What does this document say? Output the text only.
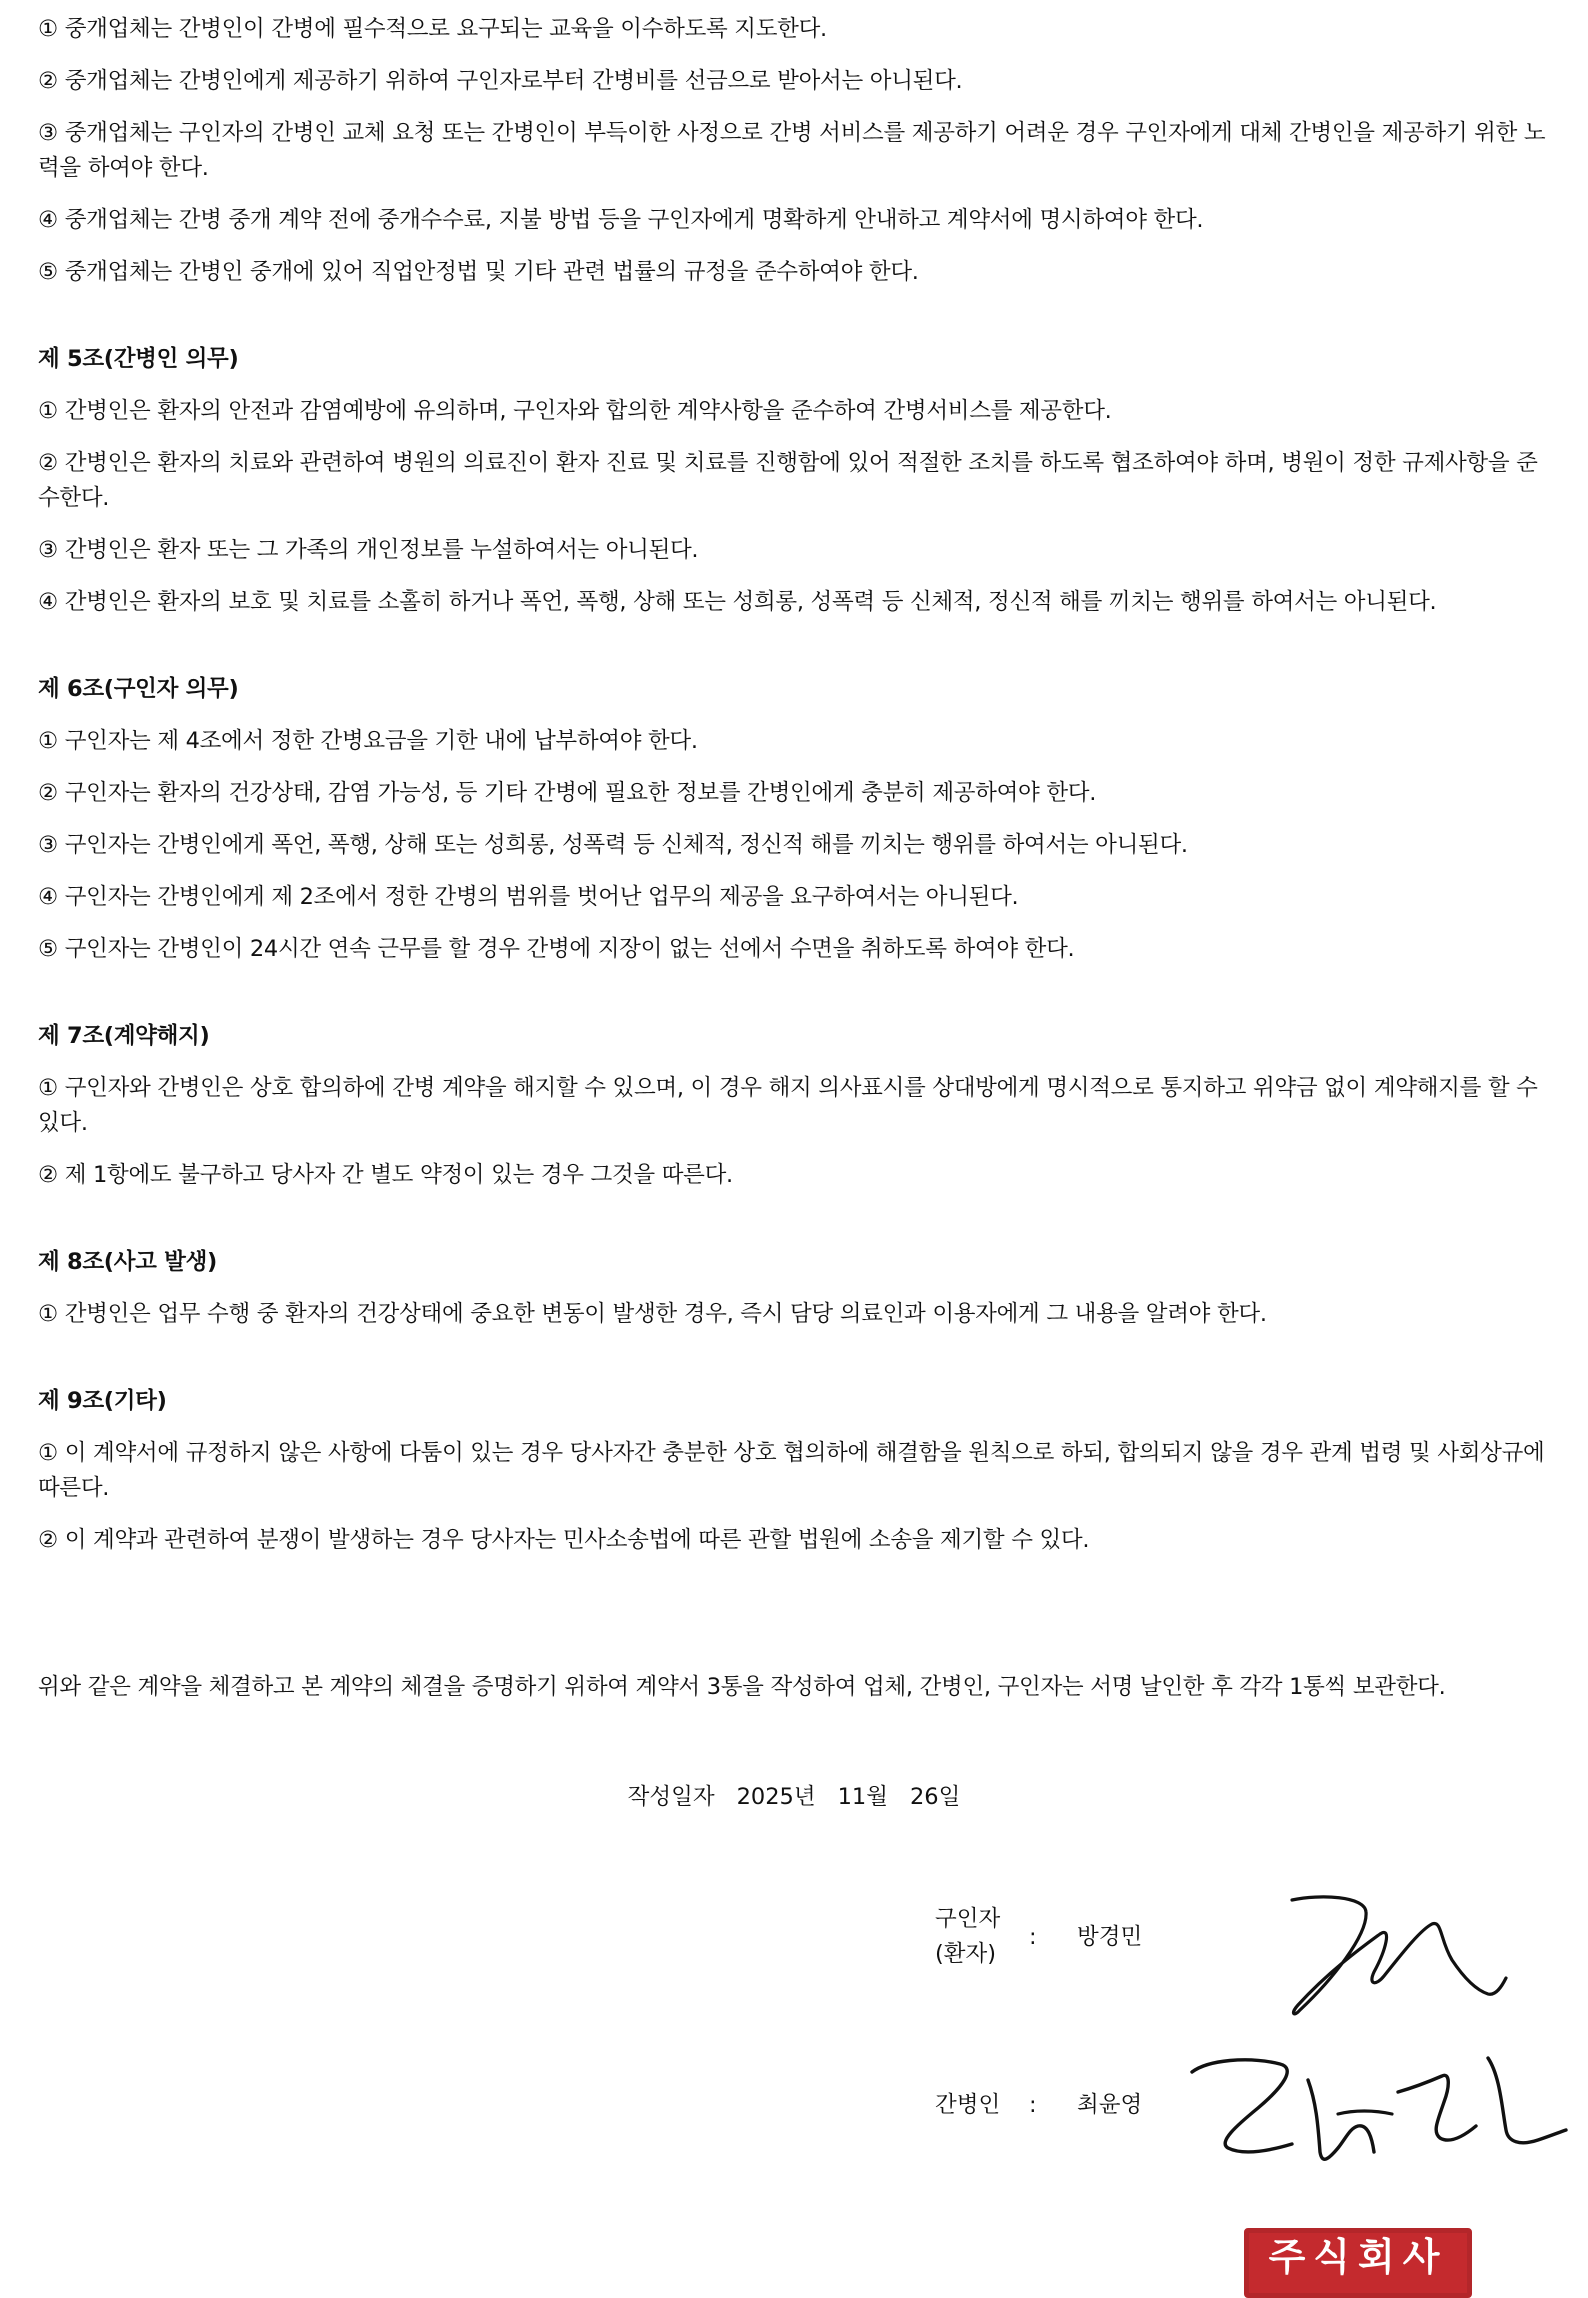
① 중개업체는 간병인이 간병에 필수적으로 요구되는 교육을 이수하도록 지도한다.

② 중개업체는 간병인에게 제공하기 위하여 구인자로부터 간병비를 선금으로 받아서는 아니된다.

③ 중개업체는 구인자의 간병인 교체 요청 또는 간병인이 부득이한 사정으로 간병 서비스를 제공하기 어려운 경우 구인자에게 대체 간병인을 제공하기 위한 노력을 하여야 한다.

④ 중개업체는 간병 중개 계약 전에 중개수수료, 지불 방법 등을 구인자에게 명확하게 안내하고 계약서에 명시하여야 한다.

⑤ 중개업체는 간병인 중개에 있어 직업안정법 및 기타 관련 법률의 규정을 준수하여야 한다.

제 5조(간병인 의무)

① 간병인은 환자의 안전과 감염예방에 유의하며, 구인자와 합의한 계약사항을 준수하여 간병서비스를 제공한다.

② 간병인은 환자의 치료와 관련하여 병원의 의료진이 환자 진료 및 치료를 진행함에 있어 적절한 조치를 하도록 협조하여야 하며, 병원이 정한 규제사항을 준수한다.

③ 간병인은 환자 또는 그 가족의 개인정보를 누설하여서는 아니된다.

④ 간병인은 환자의 보호 및 치료를 소홀히 하거나 폭언, 폭행, 상해 또는 성희롱, 성폭력 등 신체적, 정신적 해를 끼치는 행위를 하여서는 아니된다.

제 6조(구인자 의무)

① 구인자는 제 4조에서 정한 간병요금을 기한 내에 납부하여야 한다.

② 구인자는 환자의 건강상태, 감염 가능성, 등 기타 간병에 필요한 정보를 간병인에게 충분히 제공하여야 한다.

③ 구인자는 간병인에게 폭언, 폭행, 상해 또는 성희롱, 성폭력 등 신체적, 정신적 해를 끼치는 행위를 하여서는 아니된다.

④ 구인자는 간병인에게 제 2조에서 정한 간병의 범위를 벗어난 업무의 제공을 요구하여서는 아니된다.

⑤ 구인자는 간병인이 24시간 연속 근무를 할 경우 간병에 지장이 없는 선에서 수면을 취하도록 하여야 한다.

제 7조(계약해지)

① 구인자와 간병인은 상호 합의하에 간병 계약을 해지할 수 있으며, 이 경우 해지 의사표시를 상대방에게 명시적으로 통지하고 위약금 없이 계약해지를 할 수 있다.

② 제 1항에도 불구하고 당사자 간 별도 약정이 있는 경우 그것을 따른다.

제 8조(사고 발생)

① 간병인은 업무 수행 중 환자의 건강상태에 중요한 변동이 발생한 경우, 즉시 담당 의료인과 이용자에게 그 내용을 알려야 한다.

제 9조(기타)

① 이 계약서에 규정하지 않은 사항에 다툼이 있는 경우 당사자간 충분한 상호 협의하에 해결함을 원칙으로 하되, 합의되지 않을 경우 관계 법령 및 사회상규에 따른다.

② 이 계약과 관련하여 분쟁이 발생하는 경우 당사자는 민사소송법에 따른 관할 법원에 소송을 제기할 수 있다.

위와 같은 계약을 체결하고 본 계약의 체결을 증명하기 위하여 계약서 3통을 작성하여 업체, 간병인, 구인자는 서명 날인한 후 각각 1통씩 보관한다.
작성일자 2025년 11월 26일
구인자
(환자)
: 방경민
간병인 : 최윤영
주식회사
